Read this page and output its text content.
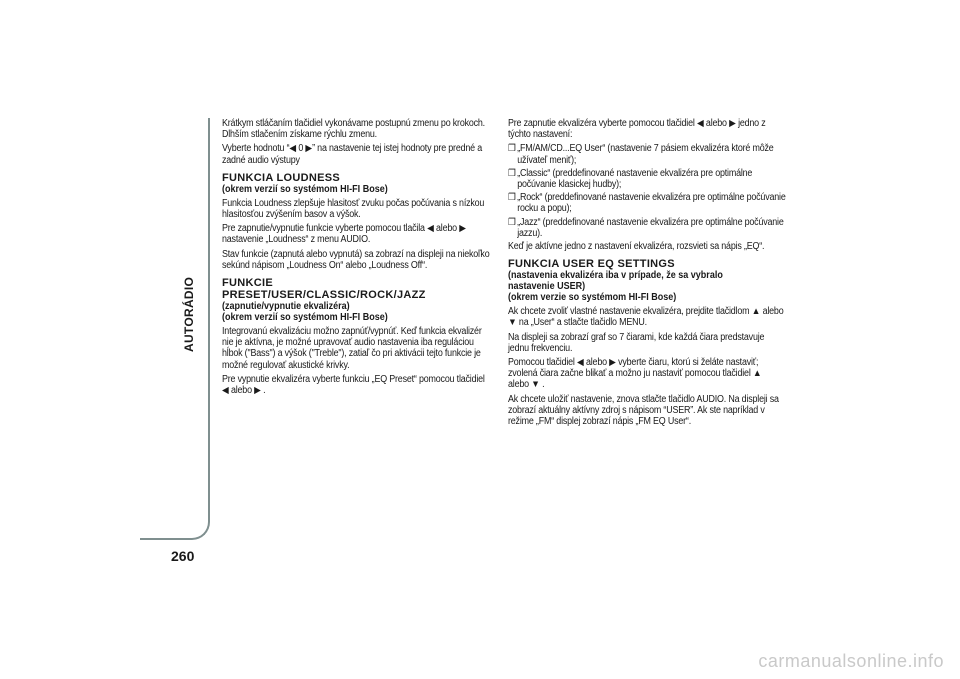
AUTORÁDIO
260

Krátkym stláčaním tlačidiel vykonávame postupnú zmenu po krokoch. Dlhším stlačením získame rýchlu zmenu.

Vyberte hodnotu “◀ 0 ▶” na nastavenie tej istej hodnoty pre predné a zadné audio výstupy

FUNKCIA LOUDNESS
(okrem verzií so systémom HI-FI Bose)

Funkcia Loudness zlepšuje hlasitosť zvuku počas počúvania s nízkou hlasitosťou zvýšením basov a výšok.

Pre zapnutie/vypnutie funkcie vyberte pomocou tlačila ◀ alebo ▶ nastavenie „Loudness“ z menu AUDIO.

Stav funkcie (zapnutá alebo vypnutá) sa zobrazí na displeji na niekoľko sekúnd nápisom „Loudness On“ alebo „Loudness Off“.

FUNKCIE
PRESET/USER/CLASSIC/ROCK/JAZZ
(zapnutie/vypnutie ekvalizéra)
(okrem verzií so systémom HI-FI Bose)

Integrovanú ekvalizáciu možno zapnúť/vypnúť. Keď funkcia ekvalizér nie je aktívna, je možné upravovať audio nastavenia iba reguláciou hĺbok ("Bass") a výšok ("Treble"), zatiaľ čo pri aktivácii tejto funkcie je možné regulovať akustické krivky.

Pre vypnutie ekvalizéra vyberte funkciu „EQ Preset“ pomocou tlačidiel ◀ alebo ▶ .

Pre zapnutie ekvalizéra vyberte pomocou tlačidiel ◀ alebo ▶ jedno z týchto nastavení:

❒ „FM/AM/CD...EQ User“ (nastavenie 7 pásiem ekvalizéra ktoré môže užívateľ meniť);
❒ „Classic“ (preddefinované nastavenie ekvalizéra pre optimálne počúvanie klasickej hudby);
❒ „Rock“ (preddefinované nastavenie ekvalizéra pre optimálne počúvanie rocku a popu);
❒ „Jazz“ (preddefinované nastavenie ekvalizéra pre optimálne počúvanie jazzu).

Keď je aktívne jedno z nastavení ekvalizéra, rozsvieti sa nápis „EQ“.

FUNKCIA USER EQ SETTINGS
(nastavenia ekvalizéra iba v prípade, že sa vybralo nastavenie USER)
(okrem verzie so systémom HI-FI Bose)

Ak chcete zvoliť vlastné nastavenie ekvalizéra, prejdite tlačidlom ▲ alebo ▼ na „User“ a stlačte tlačidlo MENU.

Na displeji sa zobrazí graf so 7 čiarami, kde každá čiara predstavuje jednu frekvenciu.

Pomocou tlačidiel ◀ alebo ▶ vyberte čiaru, ktorú si želáte nastaviť; zvolená čiara začne blikať a možno ju nastaviť pomocou tlačidiel ▲ alebo ▼ .

Ak chcete uložiť nastavenie, znova stlačte tlačidlo AUDIO. Na displeji sa zobrazí aktuálny aktívny zdroj s nápisom “USER”. Ak ste napríklad v režime „FM“ displej zobrazí nápis „FM EQ User“.

carmanualsonline.info
